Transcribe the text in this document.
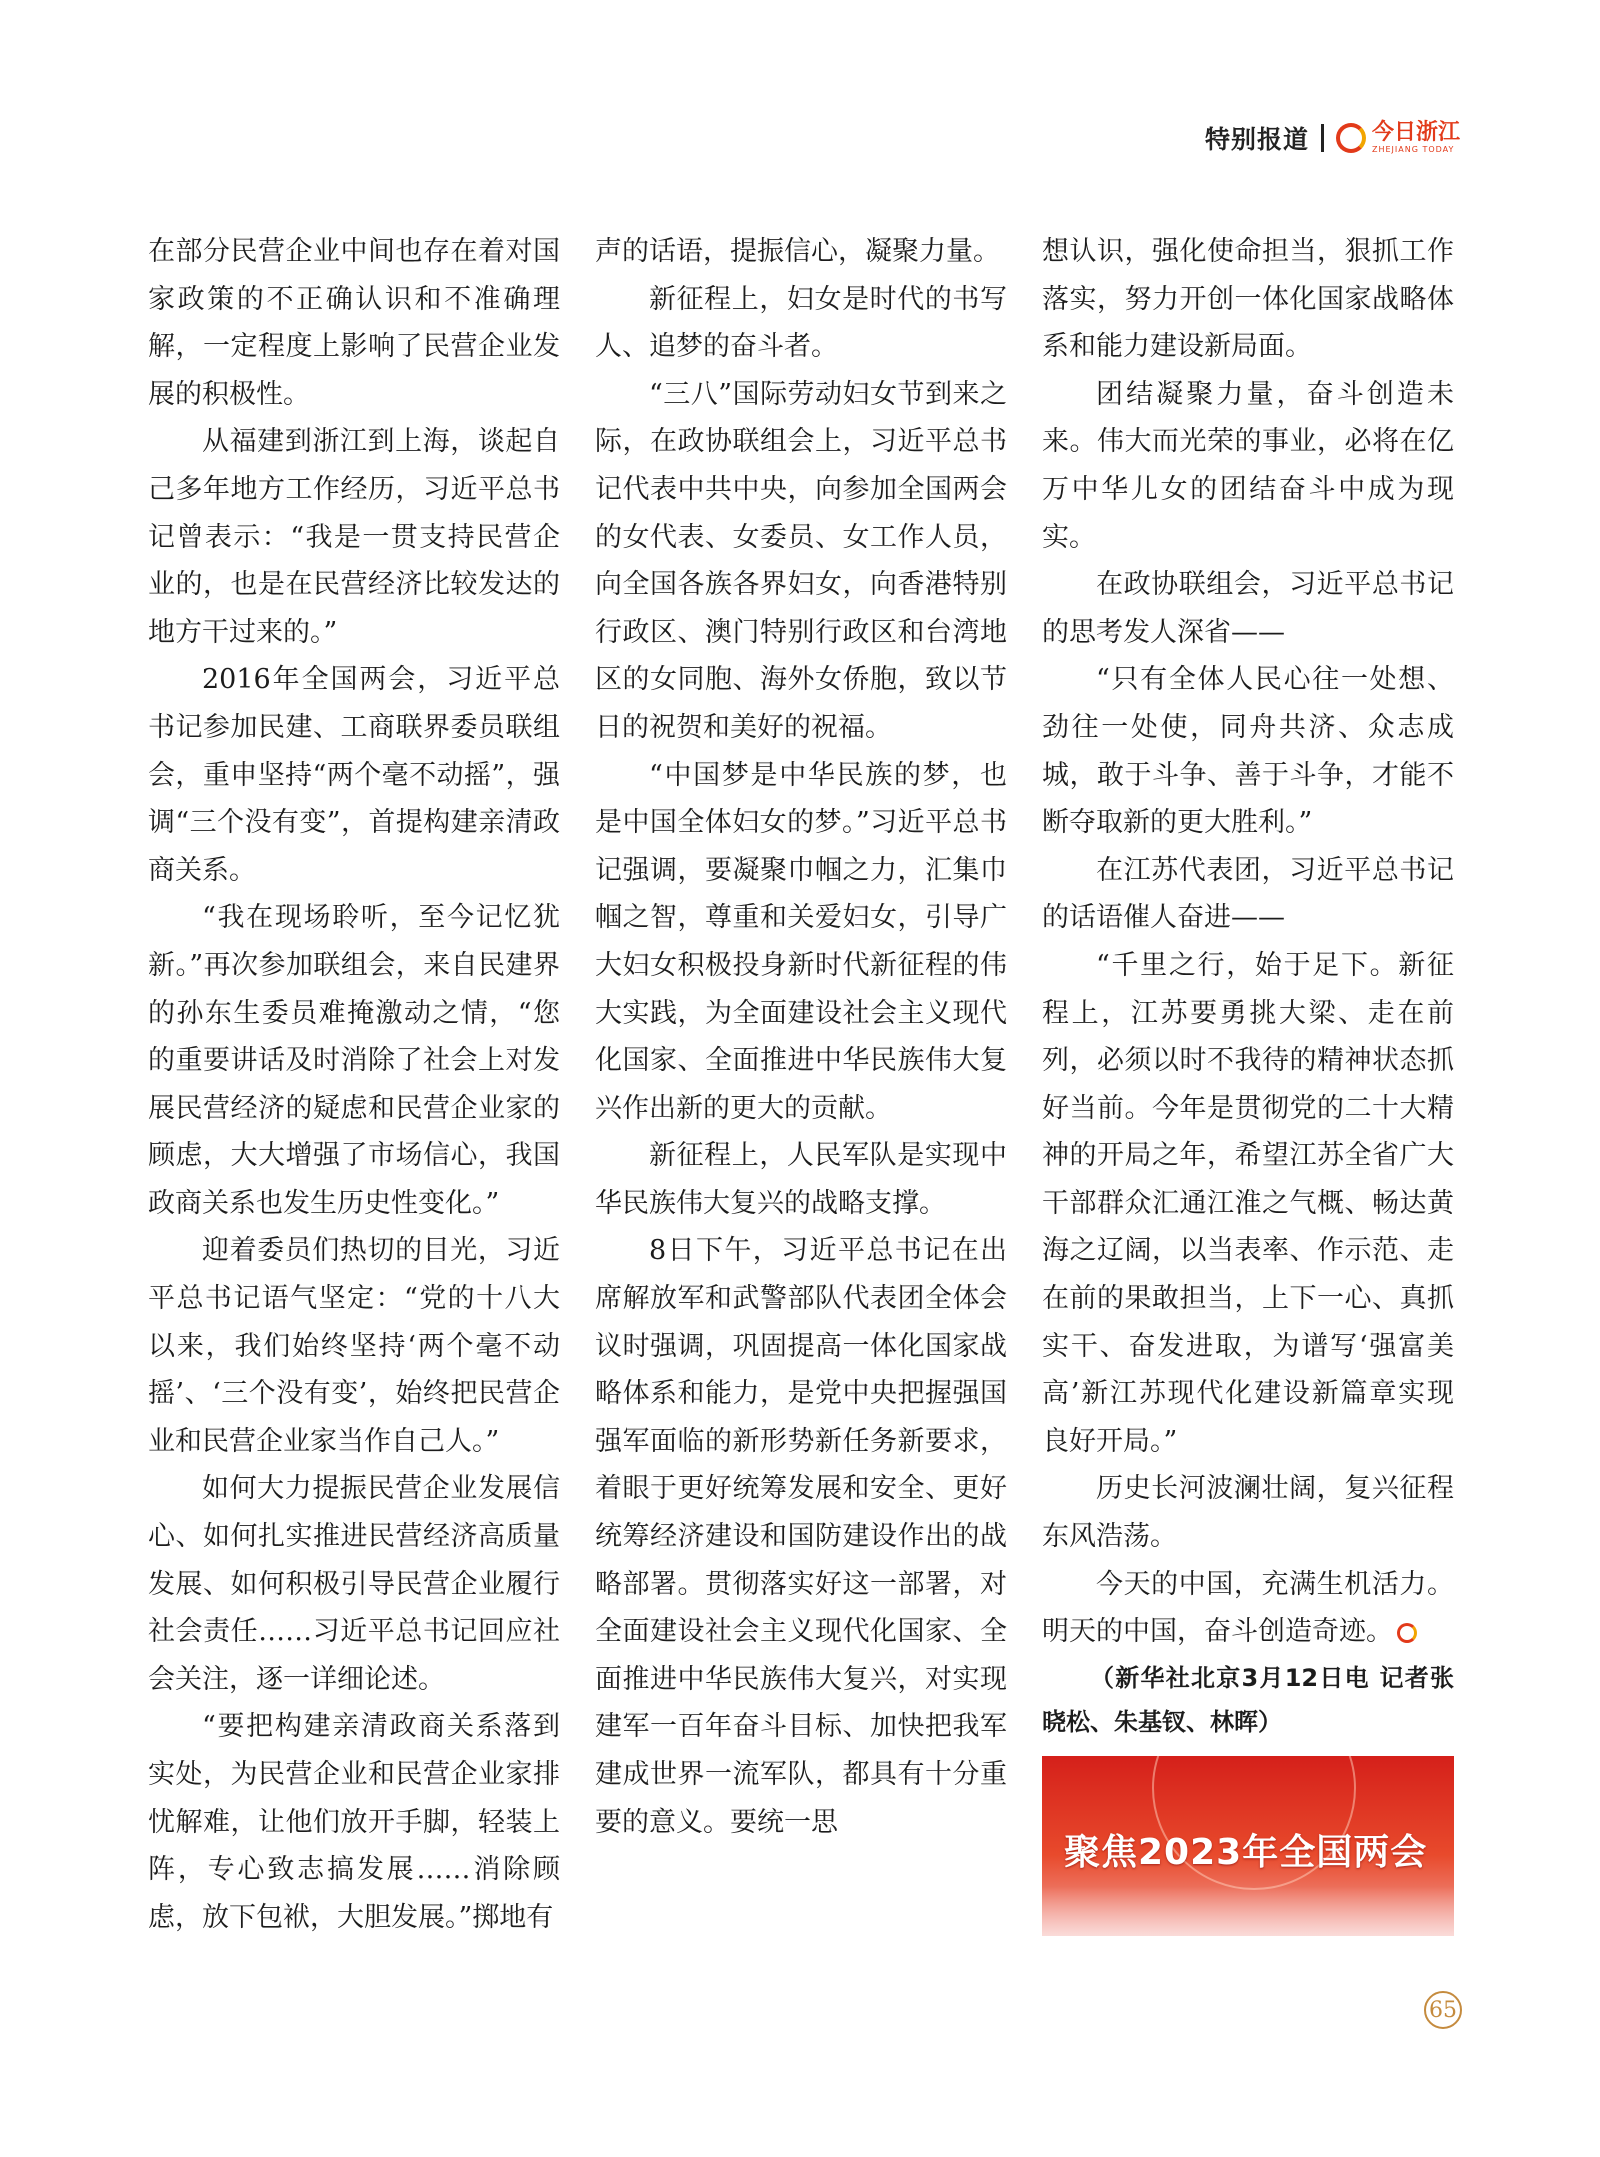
特别报道	今日浙江
ZHEJIANG TODAY

在部分民营企业中间也存在着对国家政策的不正确认识和不准确理解，一定程度上影响了民营企业发展的积极性。

从福建到浙江到上海，谈起自己多年地方工作经历，习近平总书记曾表示：“我是一贯支持民营企业的，也是在民营经济比较发达的地方干过来的。”

2016年全国两会，习近平总书记参加民建、工商联界委员联组会，重申坚持“两个毫不动摇”，强调“三个没有变”，首提构建亲清政商关系。

“我在现场聆听，至今记忆犹新。”再次参加联组会，来自民建界的孙东生委员难掩激动之情，“您的重要讲话及时消除了社会上对发展民营经济的疑虑和民营企业家的顾虑，大大增强了市场信心，我国政商关系也发生历史性变化。”

迎着委员们热切的目光，习近平总书记语气坚定：“党的十八大以来，我们始终坚持‘两个毫不动摇’、‘三个没有变’，始终把民营企业和民营企业家当作自己人。”

如何大力提振民营企业发展信心、如何扎实推进民营经济高质量发展、如何积极引导民营企业履行社会责任……习近平总书记回应社会关注，逐一详细论述。

“要把构建亲清政商关系落到实处，为民营企业和民营企业家排忧解难，让他们放开手脚，轻装上阵，专心致志搞发展……消除顾虑，放下包袱，大胆发展。”掷地有

声的话语，提振信心，凝聚力量。

新征程上，妇女是时代的书写人、追梦的奋斗者。

“三八”国际劳动妇女节到来之际，在政协联组会上，习近平总书记代表中共中央，向参加全国两会的女代表、女委员、女工作人员，向全国各族各界妇女，向香港特别行政区、澳门特别行政区和台湾地区的女同胞、海外女侨胞，致以节日的祝贺和美好的祝福。

“中国梦是中华民族的梦，也是中国全体妇女的梦。”习近平总书记强调，要凝聚巾帼之力，汇集巾帼之智，尊重和关爱妇女，引导广大妇女积极投身新时代新征程的伟大实践，为全面建设社会主义现代化国家、全面推进中华民族伟大复兴作出新的更大的贡献。

新征程上，人民军队是实现中华民族伟大复兴的战略支撑。

8日下午，习近平总书记在出席解放军和武警部队代表团全体会议时强调，巩固提高一体化国家战略体系和能力，是党中央把握强国强军面临的新形势新任务新要求，着眼于更好统筹发展和安全、更好统筹经济建设和国防建设作出的战略部署。贯彻落实好这一部署，对全面建设社会主义现代化国家、全面推进中华民族伟大复兴，对实现建军一百年奋斗目标、加快把我军建成世界一流军队，都具有十分重要的意义。要统一思

想认识，强化使命担当，狠抓工作落实，努力开创一体化国家战略体系和能力建设新局面。

团结凝聚力量，奋斗创造未来。伟大而光荣的事业，必将在亿万中华儿女的团结奋斗中成为现实。

在政协联组会，习近平总书记的思考发人深省——

“只有全体人民心往一处想、劲往一处使，同舟共济、众志成城，敢于斗争、善于斗争，才能不断夺取新的更大胜利。”

在江苏代表团，习近平总书记的话语催人奋进——

“千里之行，始于足下。新征程上，江苏要勇挑大梁、走在前列，必须以时不我待的精神状态抓好当前。今年是贯彻党的二十大精神的开局之年，希望江苏全省广大干部群众汇通江淮之气概、畅达黄海之辽阔，以当表率、作示范、走在前的果敢担当，上下一心、真抓实干、奋发进取，为谱写‘强富美高’新江苏现代化建设新篇章实现良好开局。”

历史长河波澜壮阔，复兴征程东风浩荡。

今天的中国，充满生机活力。明天的中国，奋斗创造奇迹。

（新华社北京3月12日电 记者张晓松、朱基钗、林晖）

聚焦2023年全国两会
65
